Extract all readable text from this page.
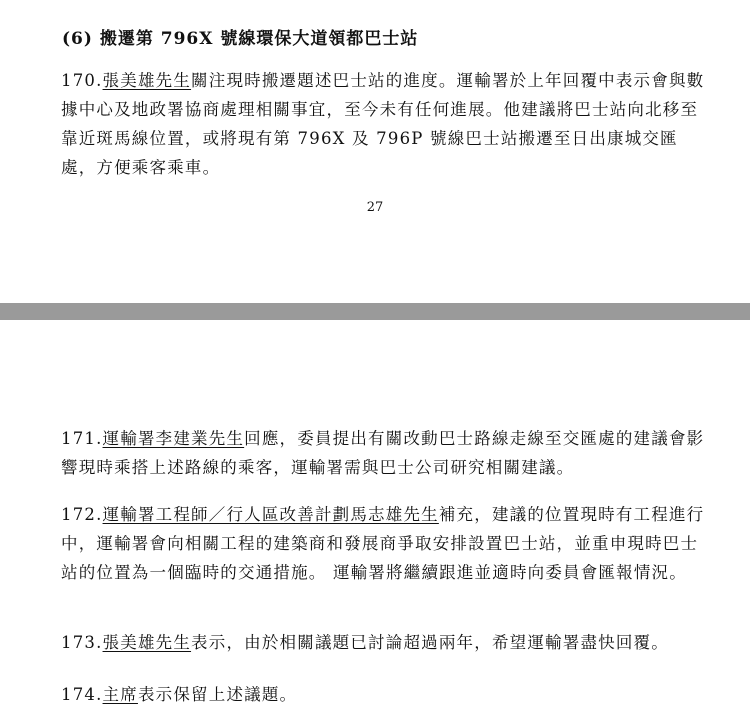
(6) 搬遷第 796X 號線環保大道領都巴士站
170.張美雄先生關注現時搬遷題述巴士站的進度。運輸署於上年回覆中表示會與數據中心及地政署協商處理相關事宜，至今未有任何進展。他建議將巴士站向北移至靠近斑馬線位置，或將現有第 796X 及 796P 號線巴士站搬遷至日出康城交匯處，方便乘客乘車。
27
171.運輸署李建業先生回應，委員提出有關改動巴士路線走線至交匯處的建議會影響現時乘搭上述路線的乘客，運輸署需與巴士公司研究相關建議。
172.運輸署工程師／行人區改善計劃馬志雄先生補充，建議的位置現時有工程進行中，運輸署會向相關工程的建築商和發展商爭取安排設置巴士站，並重申現時巴士站的位置為一個臨時的交通措施。 運輸署將繼續跟進並適時向委員會匯報情況。
173.張美雄先生表示，由於相關議題已討論超過兩年，希望運輸署盡快回覆。
174.主席表示保留上述議題。
